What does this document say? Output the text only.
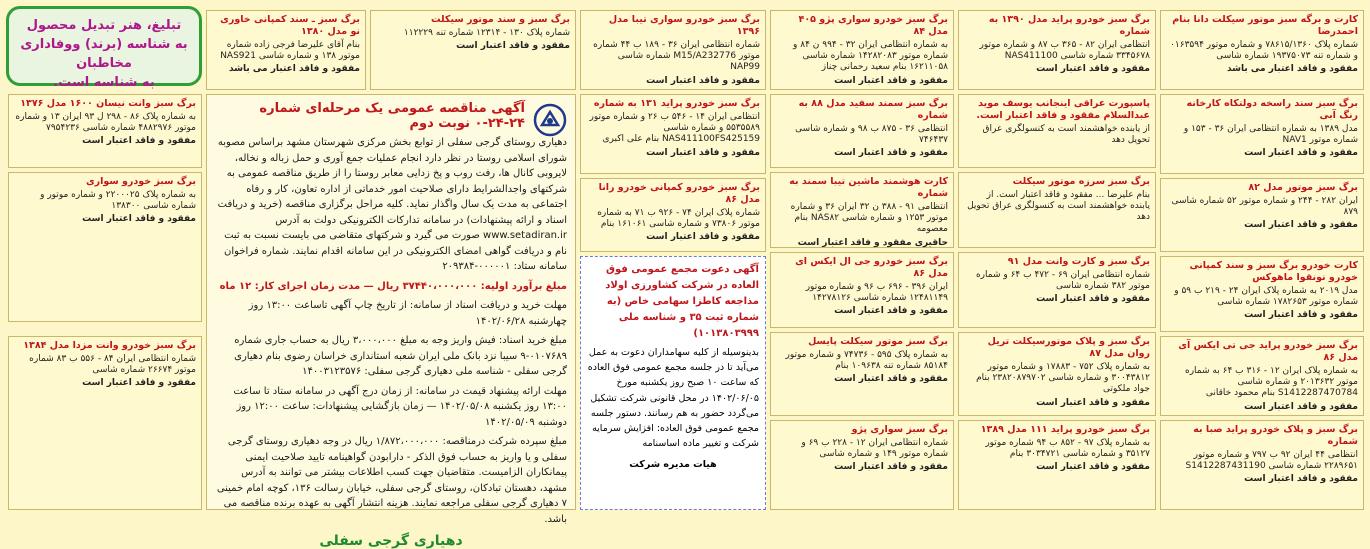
تبلیغ، هنر تبدیل محصول
به شناسه (برند) ووفاداری مخاطبان
به شناسه است.
آگهی مناقصه عمومی یک مرحله‌ای شماره ۲۴-۲۴-۰ نوبت دوم
دهیاری روستای گرجی سفلی از توابع بخش مرکزی شهرستان مشهد براساس مصوبه شورای اسلامی روستا در نظر دارد انجام عملیات جمع آوری و حمل زباله و نخاله، لایروبی کانال ها، رفت روب و پخ زدایی معابر روستا را از طریق مناقصه عمومی به شرکتهای واجدالشرایط دارای صلاحیت امور خدماتی از اداره تعاون، کار و رفاه اجتماعی به مدت یک سال واگذار نماید. کلیه مراحل برگزاری مناقصه (خرید و دریافت اسناد و ارائه پیشنهادات) در سامانه تدارکات الکترونیکی دولت به آدرس www.setadiran.ir صورت می گیرد و شرکتهای متقاضی می بایست نسبت به ثبت نام و دریافت گواهی امضای الکترونیکی در این سامانه اقدام نمایند. شماره فراخوان سامانه ستاد: ۰۰۰۰۰۱-۲۰۹۳۸۴
مبلغ برآورد اولیه: ۳۷۴۴۰،۰۰۰،۰۰۰ ریال — مدت زمان اجرای کار: ۱۲ ماه
مهلت خرید و دریافت اسناد از سامانه: از تاریخ چاپ آگهی تاساعت ۱۳:۰۰ روز چهارشنبه ۱۴۰۲/۰۶/۲۸
مبلغ خرید اسناد: فیش واریز وجه به مبلغ ۳،۰۰۰،۰۰۰ ریال به حساب جاری شماره ۰۱۰۷۶۸۹-۹ سیبا نزد بانک ملی ایران شعبه استانداری خراسان رضوی بنام دهیاری گرجی سفلی - شناسه ملی دهیاری گرجی سفلی: ۱۴۰۰۳۱۲۳۵۷۶
مهلت ارائه پیشنهاد قیمت در سامانه: از زمان درج آگهی در سامانه ستاد تا ساعت ۱۳:۰۰ روز یکشنبه ۱۴۰۲/۰۵/۰۸ — زمان بازگشایی پیشنهادات: ساعت ۱۲:۰۰ روز دوشنبه ۱۴۰۲/۰۵/۰۹
مبلغ سپرده شرکت درمناقصه: ۱/۸۷۲،۰۰۰،۰۰۰ ریال در وجه دهیاری روستای گرجی سفلی و یا واریز به حساب فوق الذکر - دارابودن گواهینامه تایید صلاحیت ایمنی پیمانکاران الزامیست. متقاضیان جهت کسب اطلاعات بیشتر می توانند به آدرس مشهد، دهستان تبادکان، روستای گرجی سفلی، خیابان رسالت ۱۳۶، کوچه امام خمینی ۷ دهیاری گرجی سفلی مراجعه نمایند. هزینه انتشار آگهی به عهده برنده مناقصه می باشد.
دهیاری گرجی سفلی
آگهی دعوت مجمع عمومی فوق العاده در شرکت کشاورزی اولاد مذاجعه کاطزا سهامی خاص (به شماره ثبت ۳۵ و شناسه ملی ۱۰۱۳۸۰۳۹۹۹)
بدینوسیله از کلیه سهامداران دعوت به عمل می‌آید تا در جلسه مجمع عمومی فوق العاده که ساعت ۱۰ صبح روز یکشنبه مورخ ۱۴۰۲/۰۶/۰۵ در محل قانونی شرکت تشکیل می‌گردد حضور به هم رسانند. دستور جلسه مجمع عمومی فوق العاده: افزایش سرمایه شرکت و تغییر ماده اساسنامه
هیات مدیره شرکت
کارت و برگه سبز موتور سیکلت دانا بنام احمدرضا
شماره پلاک ۷۸۶۱۵/۱۳۶۰ و شماره موتور ۰۱۶۳۵۹۴ و شماره تنه ۱۹۳۷۵۰۷۳ شماره شاسی
مفقود و فاقد اعتبار می باشد
برگ سبز خودرو پراید مدل ۱۳۹۰ به شماره
انتظامی ایران ۸۲ - ۳۶۵ ب ۸۷ و شماره موتور ۳۳۴۵۶۷۸ شماره شاسی NAS411100
مفقود و فاقد اعتبار است
برگ سبز خودرو سواری پژو ۴۰۵ مدل ۸۴
به شماره انتظامی ایران ۳۲ - ۹۹۴ ن ۸۴ و شماره موتور ۱۴۲۸۲۰۸۳ شماره شاسی ۱۶۲۱۱۰۵۸ بنام سعید رحمانی چناز
مفقود و فاقد اعتبار است
برگ سبز خودرو سواری تیبا مدل ۱۳۹۶
شماره انتظامی ایران ۳۶ - ۱۸۹ ب ۴۴ شماره موتور M15/A232776 شماره شاسی NAP99
مفقود و فاقد اعتبار است
برگ سبز ـ سند کمپانی خاوری نو مدل ۱۳۸۰
بنام آقای علیرضا فرجی زاده شماره موتور ۱۳۸ و شماره شاسی NAS921
مفقود و فاقد اعتبار می باشد
برگ سبز و سند موتور سیکلت
شماره پلاک ۱۳۰ - ۱۲۳۱۴ شماره تنه ۱۱۲۲۲۹
مفقود و فاقد اعتبار است
برگ سبز خودرو پراید ۱۳۱ به شماره
انتظامی ایران ۱۴ - ۵۴۶ ب ۲۶ و شماره موتور ۵۵۳۵۵۸۹ و شماره شاسی NAS411100FS425159 بنام علی اکبری
مفقود و فاقد اعتبار است
برگ سبز سمند سفید مدل ۸۸ به شماره
انتظامی ۳۶ - ۸۷۵ ب ۹۸ و شماره شاسی ۷۴۶۴۳۷
مفقود و فاقد اعتبار است
پاسپورت عراقی اینجانب یوسف موید عبدالسلام مفقود و فاقد اعتبار است.
از یابنده خواهشمند است به کنسولگری عراق تحویل دهد
برگ سبز سند راسخه دولتکاه کارخانه رنگ آبی
مدل ۱۳۸۹ به شماره انتظامی ایران ۳۶ - ۱۵۳ و شماره موتور NAV1
مفقود و فاقد اعتبار است
برگ سبز وانت نیسان ۱۶۰۰ مدل ۱۳۷۶
به شماره پلاک ۸۶ - ۲۹۸ ل ۹۳ ایران ۱۳ و شماره موتور ۴۸۸۲۹۷۶ شماره شاسی ۷۹۵۴۲۳۶
مفقود و فاقد اعتبار است
برگ سبز خودرو کمپانی خودرو رانا مدل ۸۶
شماره پلاک ایران ۷۴ - ۹۲۶ ب ۷۱ به شماره موتور ۷۳۸۰۶ و شماره شاسی ۱۶۱۰۶۱ بنام
مفقود و فاقد اعتبار است
کارت هوشمند ماشین تیبا سمند به شماره
انتظامی ۹۱ - ۳۸۸ ن ۳۲ ایران ۳۶ و شماره موتور ۱۲۵۳ و شماره شاسی NAS۸۲ بنام معصومه
حاقیری مفقود و فاقد اعتبار است
برگ سبز سرزه موتور سیکلت
بنام علیرضا ... مفقود و فاقد اعتبار است. از یابنده خواهشمند است به کنسولگری عراق تحویل دهد
برگ سبز موتور مدل ۸۲
ایران ۲۸۲ - ۲۴۴ و شماره موتور ۵۲ شماره شاسی ۸۷۹
مفقود و فاقد اعتبار است
برگ سبز خودرو جی ال ایکس ای مدل ۸۶
ایران ۳۹۶ - ۶۹۶ ب ۹۶ و شماره موتور ۱۲۴۸۱۱۴۹ شماره شاسی ۱۴۲۷۸۱۲۶
مفقود و فاقد اعتبار است
برگ سبز و کارت وانت مدل ۹۱
شماره انتظامی ایران ۶۹ - ۴۷۲ ب ۶۴ و شماره موتور ۳۸۲ شماره شاسی
مفقود و فاقد اعتبار است
کارت خودرو برگ سبز و سند کمپانی خودرو نونقوا ماهوکس
مدل ۲۰۱۹ به شماره پلاک ایران ۲۴ - ۲۱۹ ب ۵۹ و شماره موتور ۱۷۸۲۶۵۳ شماره شاسی
مفقود و فاقد اعتبار است
برگ سبز و پلاک موتورسیکلت تریل روان مدل ۸۷
به شماره پلاک ۷۵۲ - ۱۷۸۸۳ و شماره موتور ۳۰۰۴۳۸۱۲ و شماره شاسی ۲۳۸۲۰۸۷۹۷۰۲ بنام جواد ملکوتی
مفقود و فاقد اعتبار است
برگ سبز خودرو پراید جی تی ایکس آی مدل ۸۶
به شماره پلاک ایران ۱۲ - ۳۱۶ ب ۶۴ به شماره موتور ۲۰۱۳۶۳۲ و شماره شاسی S1412287470784 بنام محمود خاقانی
مفقود و فاقد اعتبار است
برگ سبز موتور سیکلت پایسل
به شماره پلاک ۵۹۵ - ۷۴۷۳۶ و شماره موتور ۸۵۱۸۴ شماره تنه ۱۰۹۶۳۸ بنام
مفقود و فاقد اعتبار است
برگ سبز خودرو پراید ۱۱۱ مدل ۱۳۸۹
به شماره پلاک ۹۷ - ۸۵۲ ب ۹۴ شماره موتور ۳۵۱۲۷ و شماره شاسی ۳۰۳۴۷۲۱ بنام
مفقود و فاقد اعتبار است
برگ سبز و پلاک خودرو پراید صبا به شماره
انتظامی ۴۴ ایران ۹۲ ب ۷۹۷ و شماره موتور ۲۲۸۹۶۵۱ شماره شاسی S1412287431190
مفقود و فاقد اعتبار است
برگ سبز سواری پژو
شماره انتظامی ایران ۱۲ - ۲۲۸ ب ۶۹ و شماره موتور ۱۴۹ و شماره شاسی
مفقود و فاقد اعتبار است
برگ سبز خودرو سواری
به شماره پلاک ۲۲۰۰۰۲۵ و شماره موتور و شماره شاسی ۱۳۸۳۰۰
مفقود و فاقد اعتبار است
برگ سبز خودرو وانت مزدا مدل ۱۳۸۴
شماره انتظامی ایران ۸۴ - ۵۵۶ ب ۸۳ شماره موتور ۲۶۶۷۴ شماره شاسی
مفقود و فاقد اعتبار است
